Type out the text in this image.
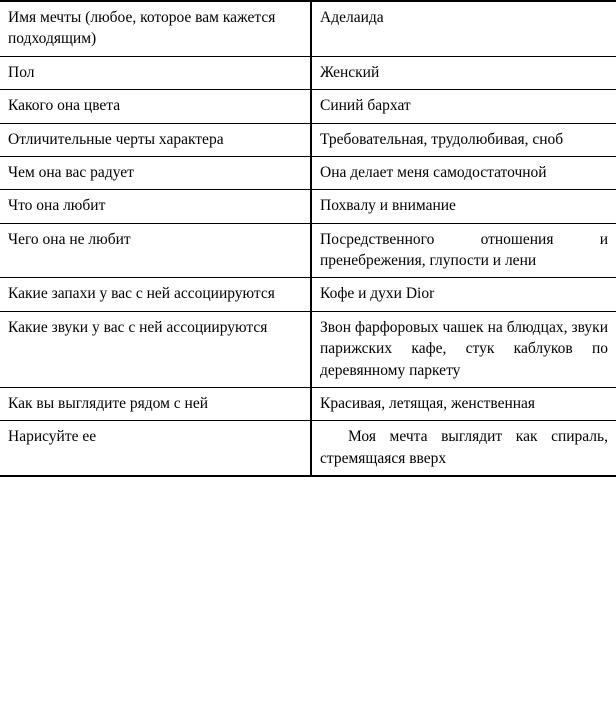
Имя мечты (любое, которое вам кажется подходящим)	Аделаида
Пол	Женский
Какого она цвета	Синий бархат
Отличительные черты характера	Требовательная, трудолюбивая, сноб
Чем она вас радует	Она делает меня самодостаточной
Что она любит	Похвалу и внимание
Чего она не любит	Посредственного отношения и пренебрежения, глупости и лени
Какие запахи у вас с ней ассоциируются	Кофе и духи Dior
Какие звуки у вас с ней ассоциируются	Звон фарфоровых чашек на блюдцах, звуки парижских кафе, стук каблуков по деревянному паркету
Как вы выглядите рядом с ней	Красивая, летящая, женственная
Нарисуйте ее	Моя мечта выглядит как спираль, стремящаяся вверх
